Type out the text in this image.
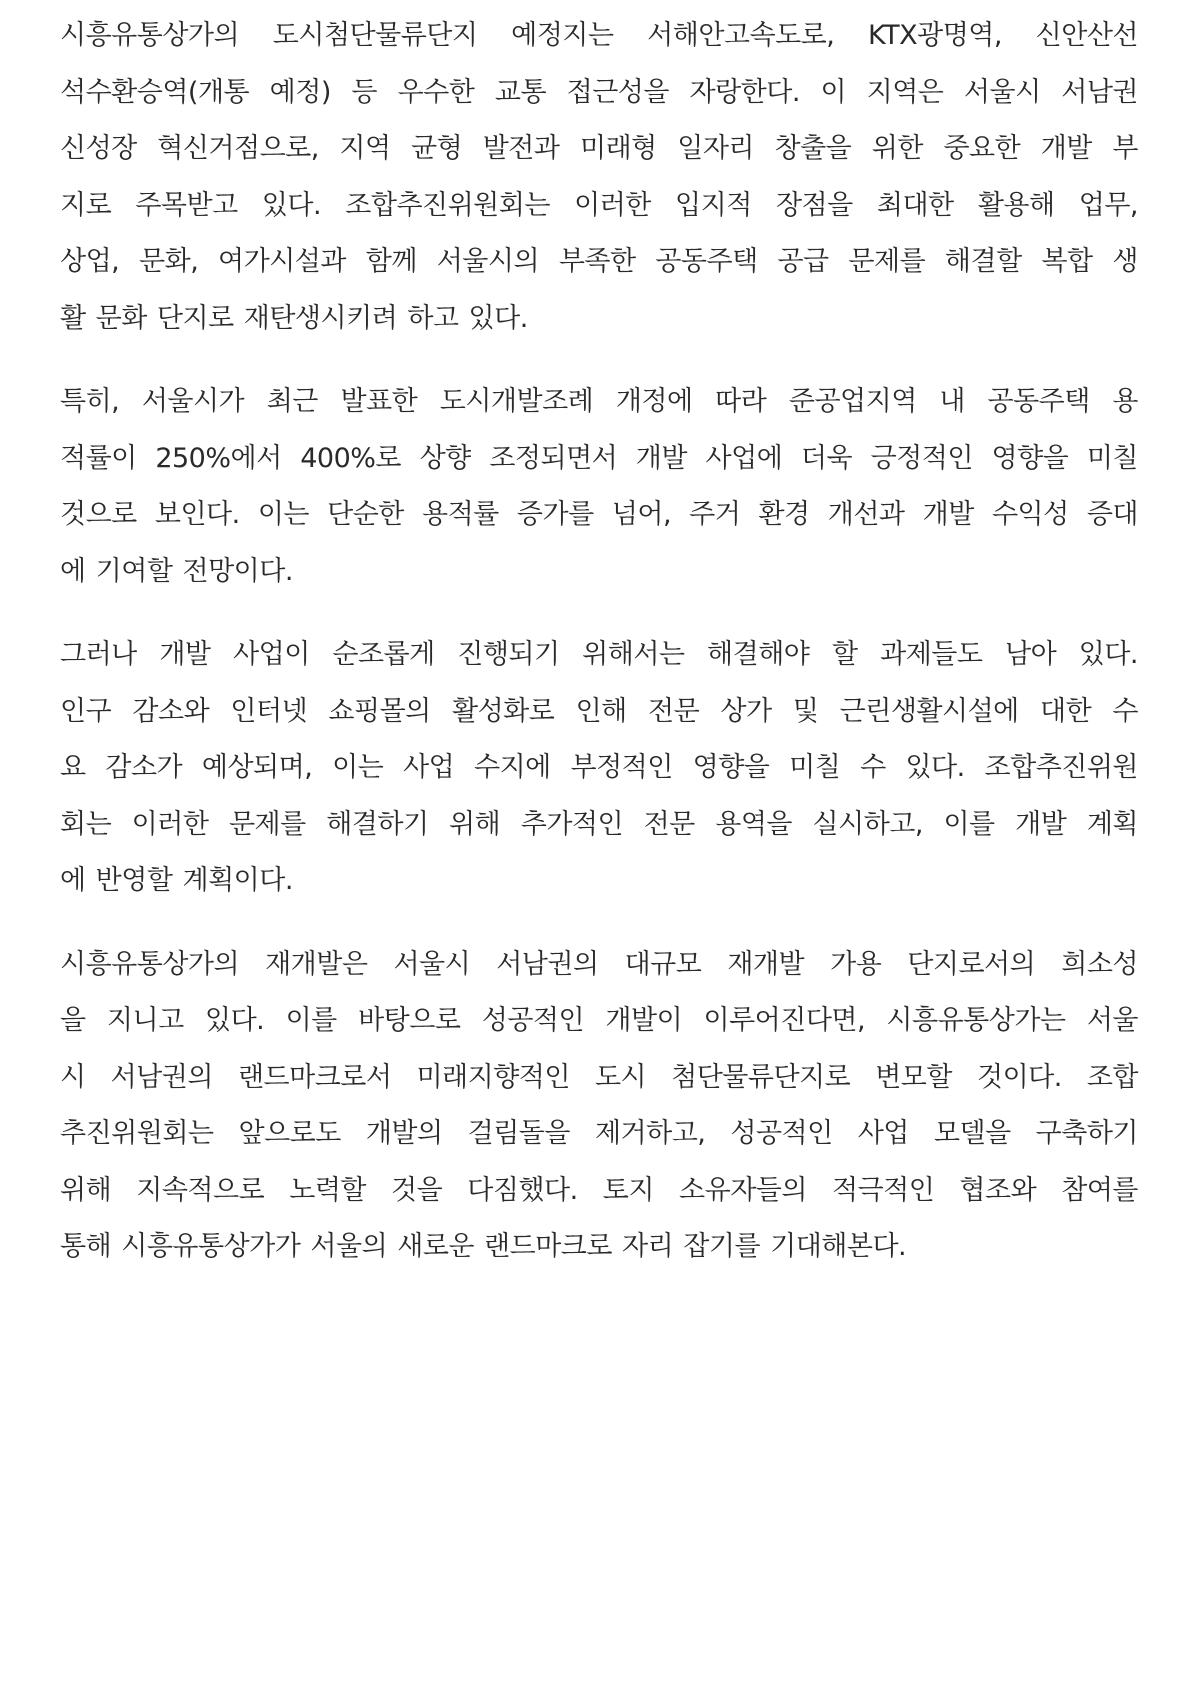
시흥유통상가의 도시첨단물류단지 예정지는 서해안고속도로, KTX광명역, 신안산선
석수환승역(개통 예정) 등 우수한 교통 접근성을 자랑한다. 이 지역은 서울시 서남권
신성장 혁신거점으로, 지역 균형 발전과 미래형 일자리 창출을 위한 중요한 개발 부
지로 주목받고 있다. 조합추진위원회는 이러한 입지적 장점을 최대한 활용해 업무,
상업, 문화, 여가시설과 함께 서울시의 부족한 공동주택 공급 문제를 해결할 복합 생
활 문화 단지로 재탄생시키려 하고 있다.

특히, 서울시가 최근 발표한 도시개발조례 개정에 따라 준공업지역 내 공동주택 용
적률이 250%에서 400%로 상향 조정되면서 개발 사업에 더욱 긍정적인 영향을 미칠
것으로 보인다. 이는 단순한 용적률 증가를 넘어, 주거 환경 개선과 개발 수익성 증대
에 기여할 전망이다.

그러나 개발 사업이 순조롭게 진행되기 위해서는 해결해야 할 과제들도 남아 있다.
인구 감소와 인터넷 쇼핑몰의 활성화로 인해 전문 상가 및 근린생활시설에 대한 수
요 감소가 예상되며, 이는 사업 수지에 부정적인 영향을 미칠 수 있다. 조합추진위원
회는 이러한 문제를 해결하기 위해 추가적인 전문 용역을 실시하고, 이를 개발 계획
에 반영할 계획이다.

시흥유통상가의 재개발은 서울시 서남권의 대규모 재개발 가용 단지로서의 희소성
을 지니고 있다. 이를 바탕으로 성공적인 개발이 이루어진다면, 시흥유통상가는 서울
시 서남권의 랜드마크로서 미래지향적인 도시 첨단물류단지로 변모할 것이다. 조합
추진위원회는 앞으로도 개발의 걸림돌을 제거하고, 성공적인 사업 모델을 구축하기
위해 지속적으로 노력할 것을 다짐했다. 토지 소유자들의 적극적인 협조와 참여를
통해 시흥유통상가가 서울의 새로운 랜드마크로 자리 잡기를 기대해본다.
